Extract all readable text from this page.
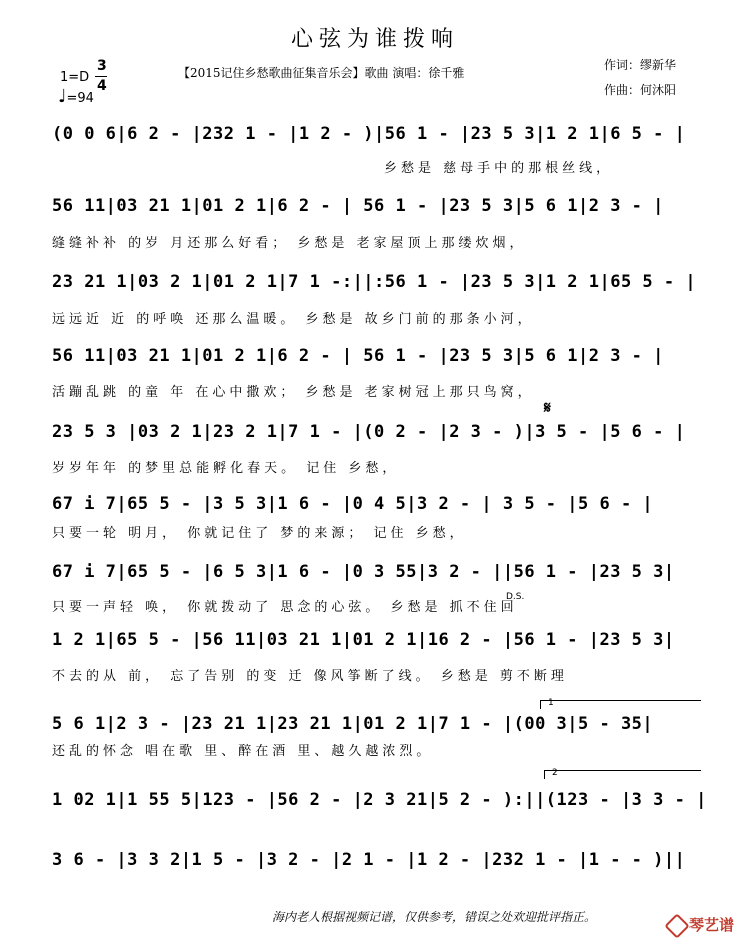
心弦为谁拨响
1=D
3
4
♩=94
【2015记住乡愁歌曲征集音乐会】歌曲 演唱：徐千雅
作词：缪新华
作曲：何沐阳
(0 0 6|6 2 - |232 1 - |1 2 - )|56 1 - |23 5 3|1 2 1|6 5 - |
乡愁是 慈母手中的那根丝线，
56 11|03 21 1|01 2 1|6 2 - | 56 1 - |23 5 3|5 6 1|2 3 - |
缝缝补补 的岁 月还那么好看； 乡愁是 老家屋顶上那缕炊烟，
23 21 1|03 2 1|01 2 1|7 1 -:||:56 1 - |23 5 3|1 2 1|65 5 - |
远远近 近 的呼唤 还那么温暖。 乡愁是 故乡门前的那条小河，
56 11|03 21 1|01 2 1|6 2 - | 56 1 - |23 5 3|5 6 1|2 3 - |
活蹦乱跳 的童 年 在心中撒欢； 乡愁是 老家树冠上那只鸟窝，
𝄋
23 5 3 |03 2 1|23 2 1|7 1 - |(0 2 - |2 3 - )|3 5 - |5 6 - |
岁岁年年 的梦里总能孵化春天。 记住 乡愁，
67 i 7|65 5 - |3 5 3|1 6 - |0 4 5|3 2 - | 3 5 - |5 6 - |
只要一轮 明月， 你就记住了 梦的来源； 记住 乡愁，
67 i 7|65 5 - |6 5 3|1 6 - |0 3 55|3 2 - ||56 1 - |23 5 3|
只要一声轻 唤， 你就拨动了 思念的心弦。 乡愁是 抓不住回
D.S.
1 2 1|65 5 - |56 11|03 21 1|01 2 1|16 2 - |56 1 - |23 5 3|
不去的从 前， 忘了告别 的变 迁 像风筝断了线。 乡愁是 剪不断理
1
5 6 1|2 3 - |23 21 1|23 21 1|01 2 1|7 1 - |(00 3|5 - 35|
还乱的怀念 唱在歌 里、醉在酒 里、越久越浓烈。
2
1 02 1|1 55 5|123 - |56 2 - |2 3 21|5 2 - ):||(123 - |3 3 - |
3 6 - |3 3 2|1 5 - |3 2 - |2 1 - |1 2 - |232 1 - |1 - - )||
海内老人根据视频记谱，仅供参考，错误之处欢迎批评指正。	琴艺谱
